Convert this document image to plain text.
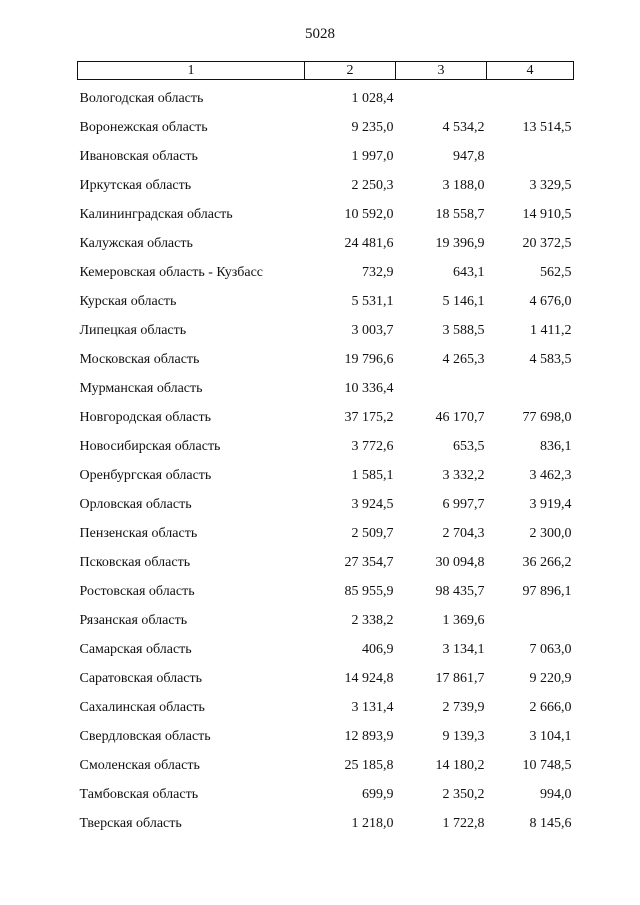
5028
1	2	3	4
Вологодская область	1 028,4		
Воронежская область	9 235,0	4 534,2	13 514,5
Ивановская область	1 997,0	947,8	
Иркутская область	2 250,3	3 188,0	3 329,5
Калининградская область	10 592,0	18 558,7	14 910,5
Калужская область	24 481,6	19 396,9	20 372,5
Кемеровская область - Кузбасс	732,9	643,1	562,5
Курская область	5 531,1	5 146,1	4 676,0
Липецкая область	3 003,7	3 588,5	1 411,2
Московская область	19 796,6	4 265,3	4 583,5
Мурманская область	10 336,4		
Новгородская область	37 175,2	46 170,7	77 698,0
Новосибирская область	3 772,6	653,5	836,1
Оренбургская область	1 585,1	3 332,2	3 462,3
Орловская область	3 924,5	6 997,7	3 919,4
Пензенская область	2 509,7	2 704,3	2 300,0
Псковская область	27 354,7	30 094,8	36 266,2
Ростовская область	85 955,9	98 435,7	97 896,1
Рязанская область	2 338,2	1 369,6	
Самарская область	406,9	3 134,1	7 063,0
Саратовская область	14 924,8	17 861,7	9 220,9
Сахалинская область	3 131,4	2 739,9	2 666,0
Свердловская область	12 893,9	9 139,3	3 104,1
Смоленская область	25 185,8	14 180,2	10 748,5
Тамбовская область	699,9	2 350,2	994,0
Тверская область	1 218,0	1 722,8	8 145,6
